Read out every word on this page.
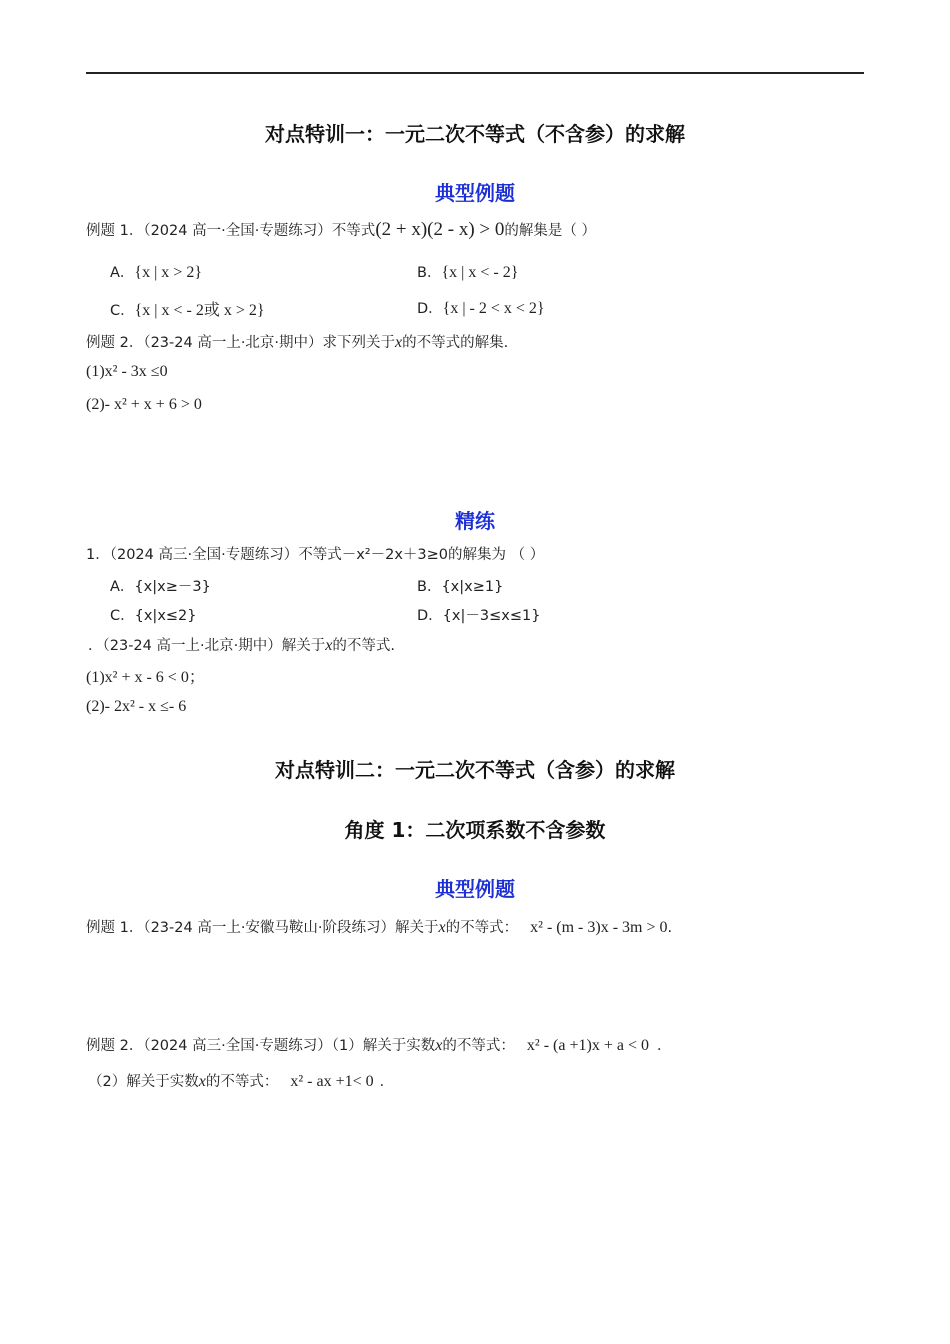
对点特训一：一元二次不等式（不含参）的求解
典型例题
例题 1．（2024 高一·全国·专题练习）不等式(2 + x)(2 - x) > 0的解集是（ ）
A．{x | x > 2}	B．{x | x < - 2}
C．{x | x < - 2或 x > 2}	D．{x | - 2 < x < 2}
例题 2．（23-24 高一上·北京·期中）求下列关于x的不等式的解集.
(1)x² - 3x ≤0
(2)- x² + x + 6 > 0
精练
1．（2024 高三·全国·专题练习）不等式－x²－2x＋3≥0的解集为 （ ）
A．{x|x≥－3}	B．{x|x≥1}
C．{x|x≤2}	D．{x|－3≤x≤1}
．（23-24 高一上·北京·期中）解关于x的不等式.
(1)x² + x - 6 < 0；
(2)- 2x² - x ≤- 6
对点特训二：一元二次不等式（含参）的求解
角度 1：二次项系数不含参数
典型例题
例题 1．（23-24 高一上·安徽马鞍山·阶段练习）解关于x的不等式： x² - (m - 3)x - 3m > 0.
例题 2．（2024 高三·全国·专题练习）（1）解关于实数x的不等式： x² - (a +1)x + a < 0 ．
（2）解关于实数x的不等式： x² - ax +1< 0 ．
